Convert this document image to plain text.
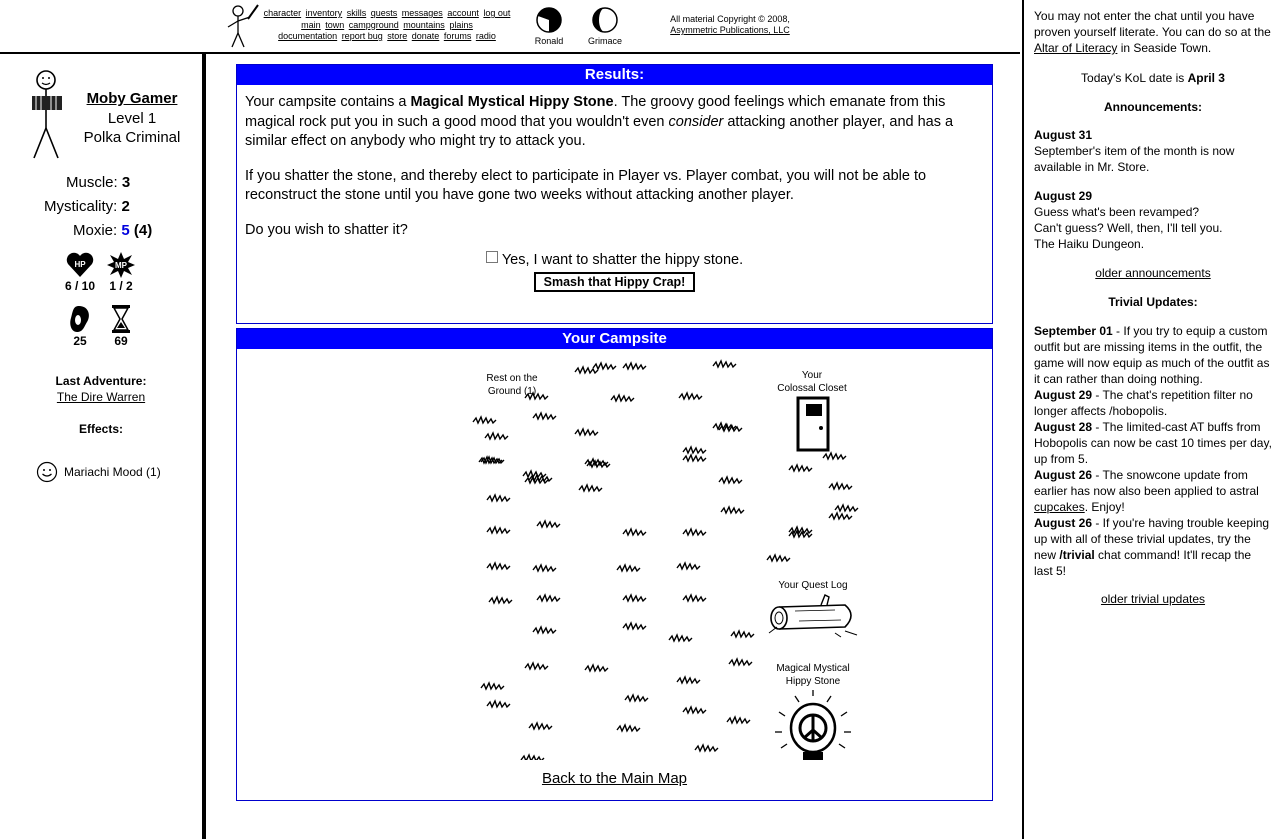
character inventory skills quests messages account log out
main town campground mountains plains
documentation report bug store donate forums radio	Ronald	Grimace
All material Copyright © 2008,
Asymmetric Publications, LLC
Moby Gamer
Level 1
Polka Criminal
Muscle: 3
Mysticality: 2
Moxie: 5 (4)
HP
6 / 10
MP
1 / 2
25	69
Last Adventure:
The Dire Warren
Effects:
Mariachi Mood (1)
Results:

Your campsite contains a Magical Mystical Hippy Stone. The groovy good feelings which emanate from this magical rock put you in such a good mood that you wouldn't even consider attacking another player, and has a similar effect on anybody who might try to attack you.

If you shatter the stone, and thereby elect to participate in Player vs. Player combat, you will not be able to reconstruct the stone until you have gone two weeks without attacking another player.

Do you wish to shatter it?

Yes, I want to shatter the hippy stone.
Smash that Hippy Crap!
Your Campsite
Rest on the
Ground (1)
Your
Colossal Closet
Your Quest Log
Magical Mystical
Hippy Stone
Back to the Main Map

You may not enter the chat until you have proven yourself literate. You can do so at the Altar of Literacy in Seaside Town.

Today's KoL date is April 3

Announcements:

August 31
September's item of the month is now available in Mr. Store.
August 29
Guess what's been revamped?
Can't guess? Well, then, I'll tell you.
The Haiku Dungeon.

older announcements

Trivial Updates:

September 01 - If you try to equip a custom outfit but are missing items in the outfit, the game will now equip as much of the outfit as it can rather than doing nothing.
August 29 - The chat's repetition filter no longer affects /hobopolis.
August 28 - The limited-cast AT buffs from Hobopolis can now be cast 10 times per day, up from 5.
August 26 - The snowcone update from earlier has now also been applied to astral cupcakes. Enjoy!
August 26 - If you're having trouble keeping up with all of these trivial updates, try the new /trivial chat command! It'll recap the last 5!

older trivial updates
